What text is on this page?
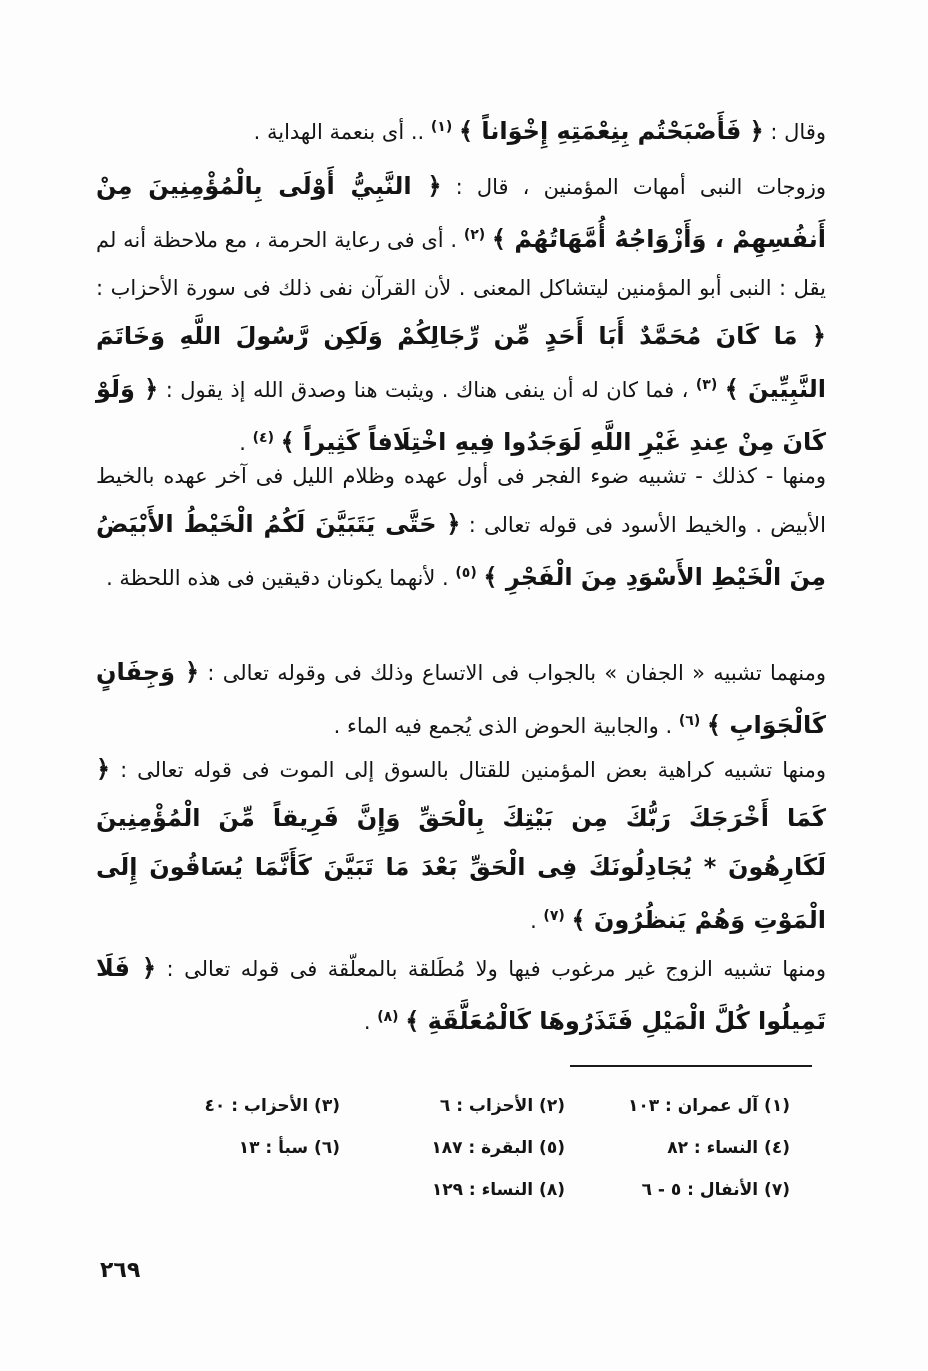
وقال : ﴿ فَأَصْبَحْتُم بِنِعْمَتِهِ إِخْوَاناً ﴾ $^{(١)}$ .. أى بنعمة الهداية .

وزوجات النبى أمهات المؤمنين ، قال : ﴿ النَّبِيُّ أَوْلَى بِالْمُؤْمِنِينَ مِنْ أَنفُسِهِمْ ، وَأَزْوَاجُهُ أُمَّهَاتُهُمْ ﴾ $^{(٢)}$ . أى فى رعاية الحرمة ، مع ملاحظة أنه لم يقل : النبى أبو المؤمنين ليتشاكل المعنى . لأن القرآن نفى ذلك فى سورة الأحزاب : ﴿ مَا كَانَ مُحَمَّدٌ أَبَا أَحَدٍ مِّن رِّجَالِكُمْ وَلَكِن رَّسُولَ اللَّهِ وَخَاتَمَ النَّبِيِّينَ ﴾ $^{(٣)}$ ، فما كان له أن ينفى هناك . ويثبت هنا وصدق الله إذ يقول : ﴿ وَلَوْ كَانَ مِنْ عِندِ غَيْرِ اللَّهِ لَوَجَدُوا فِيهِ اخْتِلَافاً كَثِيراً ﴾ $^{(٤)}$ .

ومنها - كذلك - تشبيه ضوء الفجر فى أول عهده وظلام الليل فى آخر عهده بالخيط الأبيض . والخيط الأسود فى قوله تعالى : ﴿ حَتَّى يَتَبَيَّنَ لَكُمُ الْخَيْطُ الأَبْيَضُ مِنَ الْخَيْطِ الأَسْوَدِ مِنَ الْفَجْرِ ﴾ $^{(٥)}$ . لأنهما يكونان دقيقين فى هذه اللحظة .

ومنهما تشبيه « الجفان » بالجواب فى الاتساع وذلك فى وقوله تعالى : ﴿ وَجِفَانٍ كَالْجَوَابِ ﴾ $^{(٦)}$ . والجابية الحوض الذى يُجمع فيه الماء .

ومنها تشبيه كراهية بعض المؤمنين للقتال بالسوق إلى الموت فى قوله تعالى : ﴿ كَمَا أَخْرَجَكَ رَبُّكَ مِن بَيْتِكَ بِالْحَقِّ وَإِنَّ فَرِيقاً مِّنَ الْمُؤْمِنِينَ لَكَارِهُونَ * يُجَادِلُونَكَ فِى الْحَقِّ بَعْدَ مَا تَبَيَّنَ كَأَنَّمَا يُسَاقُونَ إِلَى الْمَوْتِ وَهُمْ يَنظُرُونَ ﴾ $^{(٧)}$ .

ومنها تشبيه الزوج غير مرغوب فيها ولا مُطَلقة بالمعلّقة فى قوله تعالى : ﴿ فَلَا تَمِيلُوا كُلَّ الْمَيْلِ فَتَذَرُوهَا كَالْمُعَلَّقَةِ ﴾ $^{(٨)}$ .

(١) آل عمران : ١٠٣
(٢) الأحزاب : ٦
(٣) الأحزاب : ٤٠
(٤) النساء : ٨٢
(٥) البقرة : ١٨٧
(٦) سبأ : ١٣
(٧) الأنفال : ٥ - ٦
(٨) النساء : ١٢٩
٢٦٩
